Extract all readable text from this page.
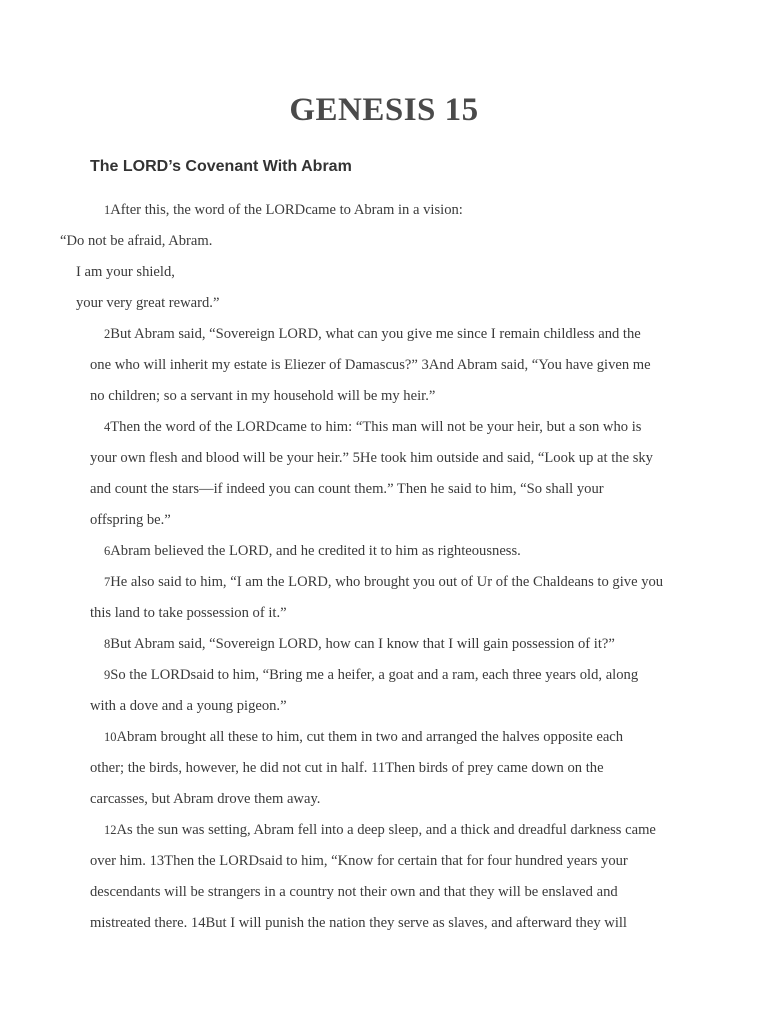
GENESIS 15
The LORD’s Covenant With Abram
1After this, the word of the LORDcame to Abram in a vision:
“Do not be afraid, Abram.
I am your shield,
your very great reward.”
2But Abram said, “Sovereign LORD, what can you give me since I remain childless and the
one who will inherit my estate is Eliezer of Damascus?” 3And Abram said, “You have given me
no children; so a servant in my household will be my heir.”
4Then the word of the LORDcame to him: “This man will not be your heir, but a son who is
your own flesh and blood will be your heir.” 5He took him outside and said, “Look up at the sky
and count the stars—if indeed you can count them.” Then he said to him, “So shall your
offspring be.”
6Abram believed the LORD, and he credited it to him as righteousness.
7He also said to him, “I am the LORD, who brought you out of Ur of the Chaldeans to give you
this land to take possession of it.”
8But Abram said, “Sovereign LORD, how can I know that I will gain possession of it?”
9So the LORDsaid to him, “Bring me a heifer, a goat and a ram, each three years old, along
with a dove and a young pigeon.”
10Abram brought all these to him, cut them in two and arranged the halves opposite each
other; the birds, however, he did not cut in half. 11Then birds of prey came down on the
carcasses, but Abram drove them away.
12As the sun was setting, Abram fell into a deep sleep, and a thick and dreadful darkness came
over him. 13Then the LORDsaid to him, “Know for certain that for four hundred years your
descendants will be strangers in a country not their own and that they will be enslaved and
mistreated there. 14But I will punish the nation they serve as slaves, and afterward they will
